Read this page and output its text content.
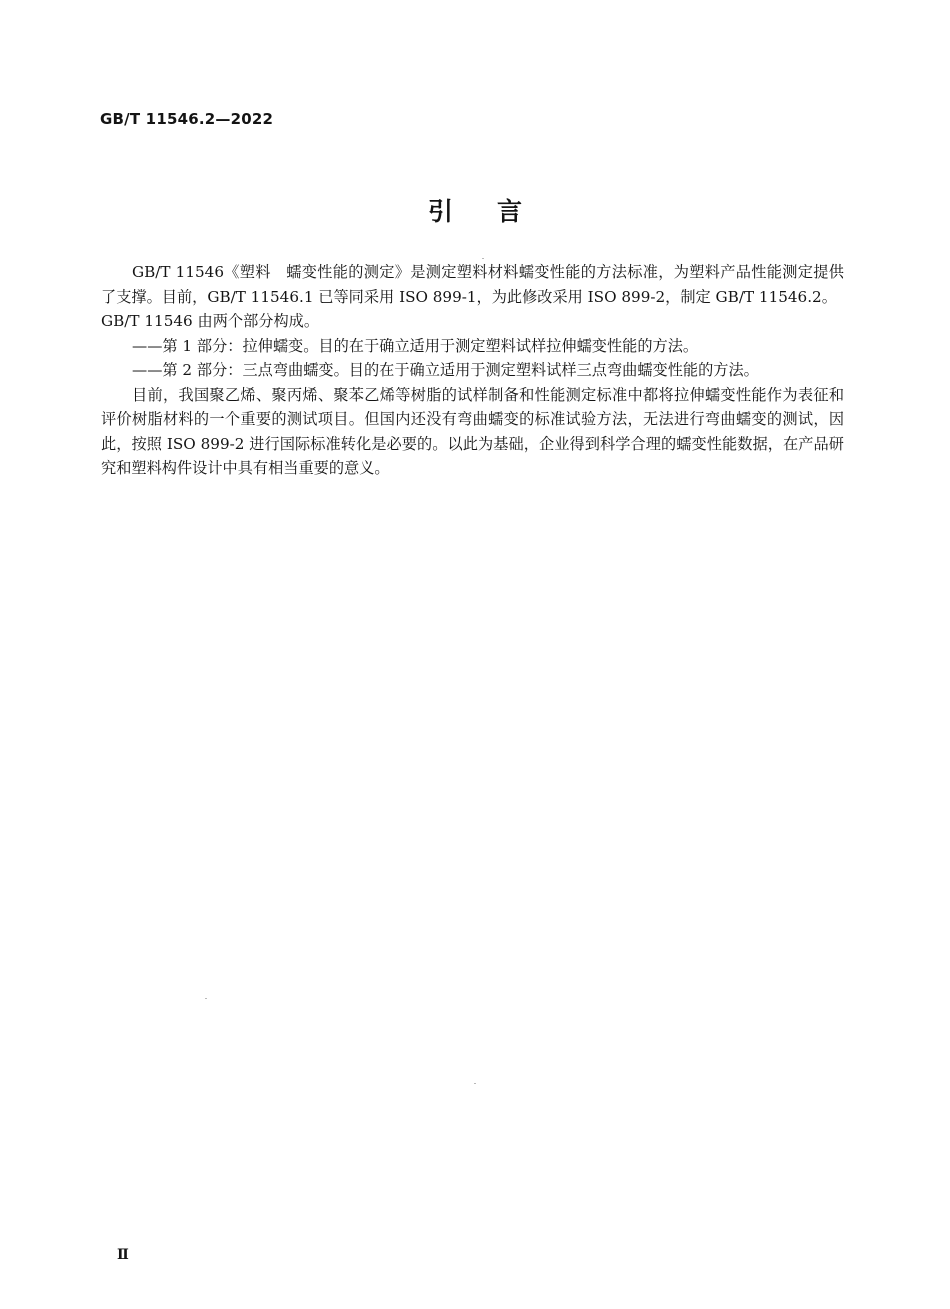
GB/T 11546.2—2022
引言

GB/T 11546《塑料　蠕变性能的测定》是测定塑料材料蠕变性能的方法标准，为塑料产品性能测定提供了支撑。目前，GB/T 11546.1 已等同采用 ISO 899-1，为此修改采用 ISO 899-2，制定 GB/T 11546.2。

GB/T 11546 由两个部分构成。

——第 1 部分：拉伸蠕变。目的在于确立适用于测定塑料试样拉伸蠕变性能的方法。

——第 2 部分：三点弯曲蠕变。目的在于确立适用于测定塑料试样三点弯曲蠕变性能的方法。

目前，我国聚乙烯、聚丙烯、聚苯乙烯等树脂的试样制备和性能测定标准中都将拉伸蠕变性能作为表征和评价树脂材料的一个重要的测试项目。但国内还没有弯曲蠕变的标准试验方法，无法进行弯曲蠕变的测试，因此，按照 ISO 899-2 进行国际标准转化是必要的。以此为基础，企业得到科学合理的蠕变性能数据，在产品研究和塑料构件设计中具有相当重要的意义。

Ⅱ
